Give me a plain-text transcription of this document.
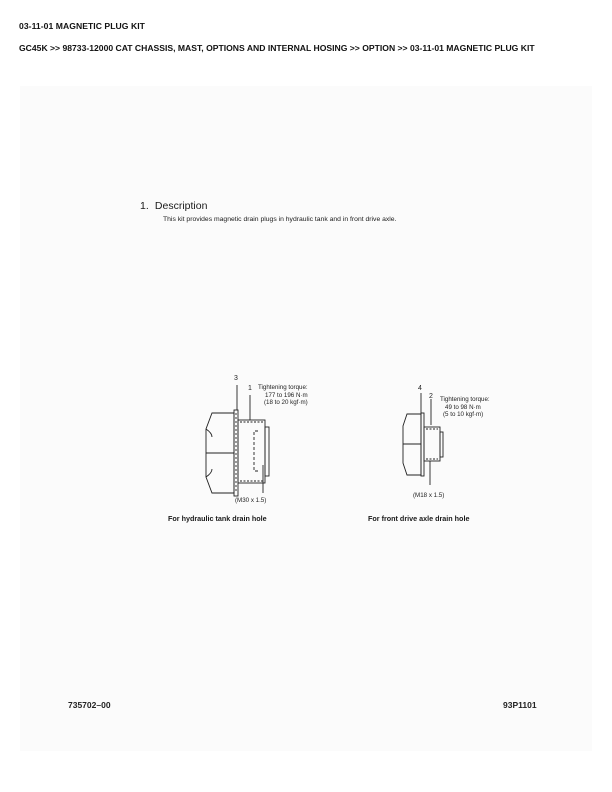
03-11-01 MAGNETIC PLUG KIT
GC45K >> 98733-12000 CAT CHASSIS, MAST, OPTIONS AND INTERNAL HOSING >> OPTION >> 03-11-01 MAGNETIC PLUG KIT
1. Description
This kit provides magnetic drain plugs in hydraulic tank and in front drive axle.
3
1 Tightening torque:
177 to 196 N·m
(18 to 20 kgf·m)
(M30 x 1.5)
For hydraulic tank drain hole
4
2 Tightening torque:
49 to 98 N·m
(5 to 10 kgf·m)
(M18 x 1.5)
For front drive axle drain hole
735702–00	93P1101
